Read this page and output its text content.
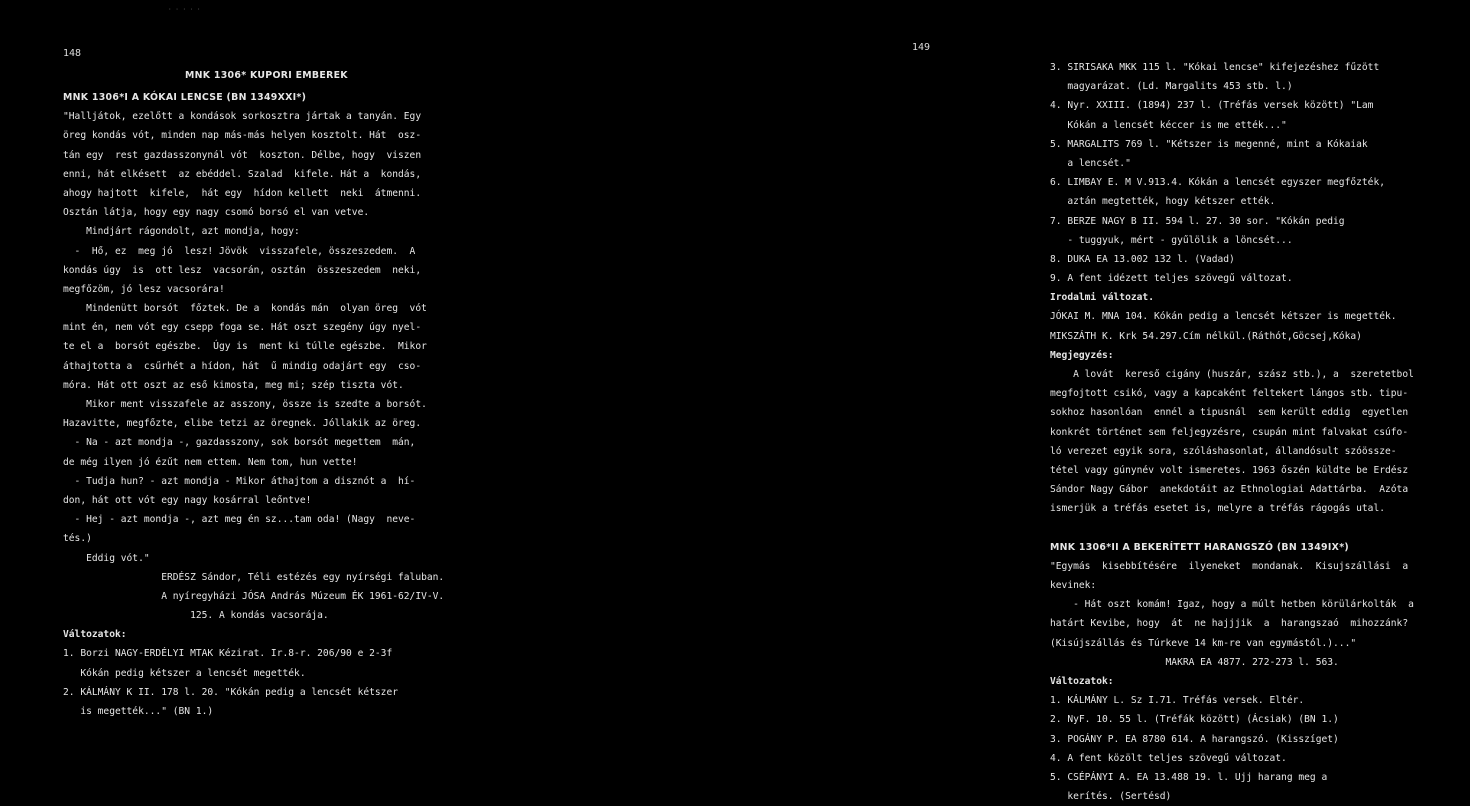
· · · · ·
148
MNK 1306* KUPORI EMBEREK
MNK 1306*I A KÓKAI LENCSE (BN 1349XXI*)
"Halljátok, ezelőtt a kondások sorkosztra jártak a tanyán. Egy
öreg kondás vót, minden nap más-más helyen kosztolt. Hát  osz-
tán egy  rest gazdasszonynál vót  koszton. Délbe, hogy  viszen
enni, hát elkésett  az ebéddel. Szalad  kifele. Hát a  kondás,
ahogy hajtott  kifele,  hát egy  hídon kellett  neki  átmenni.
Osztán látja, hogy egy nagy csomó borsó el van vetve.
Mindjárt rágondolt, azt mondja, hogy:
-  Hő, ez  meg jó  lesz! Jövök  visszafele, összeszedem.  A
kondás úgy  is  ott lesz  vacsorán, osztán  összeszedem  neki,
megfőzöm, jó lesz vacsorára!
Mindenütt borsót  főztek. De a  kondás mán  olyan öreg  vót
mint én, nem vót egy csepp foga se. Hát oszt szegény úgy nyel-
te el a  borsót egészbe.  Úgy is  ment ki túlle egészbe.  Mikor
áthajtotta a  csűrhét a hídon, hát  ű mindig odajárt egy  cso-
móra. Hát ott oszt az eső kimosta, meg mi; szép tiszta vót.
Mikor ment visszafele az asszony, össze is szedte a borsót.
Hazavitte, megfőzte, elibe tetzi az öregnek. Jóllakik az öreg.
- Na - azt mondja -, gazdasszony, sok borsót megettem  mán,
de még ilyen jó ézűt nem ettem. Nem tom, hun vette!
- Tudja hun? - azt mondja - Mikor áthajtom a disznót a  hí-
don, hát ott vót egy nagy kosárral leőntve!
- Hej - azt mondja -, azt meg én sz...tam oda! (Nagy  neve-
tés.)
Eddig vót."
ERDÉSZ Sándor, Téli estézés egy nyírségi faluban.
A nyíregyházi JÓSA András Múzeum ÉK 1961-62/IV-V.
125. A kondás vacsorája.
Változatok:
1. Borzi NAGY-ERDÉLYI MTAK Kézirat. Ir.8-r. 206/90 e 2-3f
Kókán pedig kétszer a lencsét megették.
2. KÁLMÁNY K II. 178 l. 20. "Kókán pedig a lencsét kétszer
is megették..." (BN 1.)
149
3. SIRISAKA MKK 115 l. "Kókai lencse" kifejezéshez fűzött
magyarázat. (Ld. Margalits 453 stb. l.)
4. Nyr. XXIII. (1894) 237 l. (Tréfás versek között) "Lam
Kókán a lencsét kéccer is me ették..."
5. MARGALITS 769 l. "Kétszer is megenné, mint a Kókaiak
a lencsét."
6. LIMBAY E. M V.913.4. Kókán a lencsét egyszer megfőzték,
aztán megtették, hogy kétszer ették.
7. BERZE NAGY B II. 594 l. 27. 30 sor. "Kókán pedig
- tuggyuk, mért - gyűlölik a löncsét...
8. DUKA EA 13.002 132 l. (Vadad)
9. A fent idézett teljes szövegű változat.
Irodalmi változat.
JÓKAI M. MNA 104. Kókán pedig a lencsét kétszer is megették.
MIKSZÁTH K. Krk 54.297.Cím nélkül.(Ráthót,Göcsej,Kóka)
Megjegyzés:
A lovát  kereső cigány (huszár, szász stb.), a  szeretetbol
megfojtott csikó, vagy a kapcaként feltekert lángos stb. tipu-
sokhoz hasonlóan  ennél a tipusnál  sem került eddig  egyetlen
konkrét történet sem feljegyzésre, csupán mint falvakat csúfo-
ló verezet egyik sora, szóláshasonlat, állandósult szóössze-
tétel vagy gúnynév volt ismeretes. 1963 őszén küldte be Erdész
Sándor Nagy Gábor  anekdotáit az Ethnologiai Adattárba.  Azóta
ismerjük a tréfás esetet is, melyre a tréfás rágogás utal.
MNK 1306*II A BEKERÍTETT HARANGSZÓ (BN 1349IX*)
"Egymás  kisebbítésére  ilyeneket  mondanak.  Kisujszállási  a
kevinek:
- Hát oszt komám! Igaz, hogy a múlt hetben körülárkolták  a
határt Kevibe, hogy  át  ne hajjjik  a  harangszaó  mihozzánk?
(Kisújszállás és Túrkeve 14 km-re van egymástól.)..."
MAKRA EA 4877. 272-273 l. 563.
Változatok:
1. KÁLMÁNY L. Sz I.71. Tréfás versek. Eltér.
2. NyF. 10. 55 l. (Tréfák között) (Ácsiak) (BN 1.)
3. POGÁNY P. EA 8780 614. A harangszó. (Kisszíget)
4. A fent közölt teljes szövegű változat.
5. CSÉPÁNYI A. EA 13.488 19. l. Ujj harang meg a
kerítés. (Sertésd)
